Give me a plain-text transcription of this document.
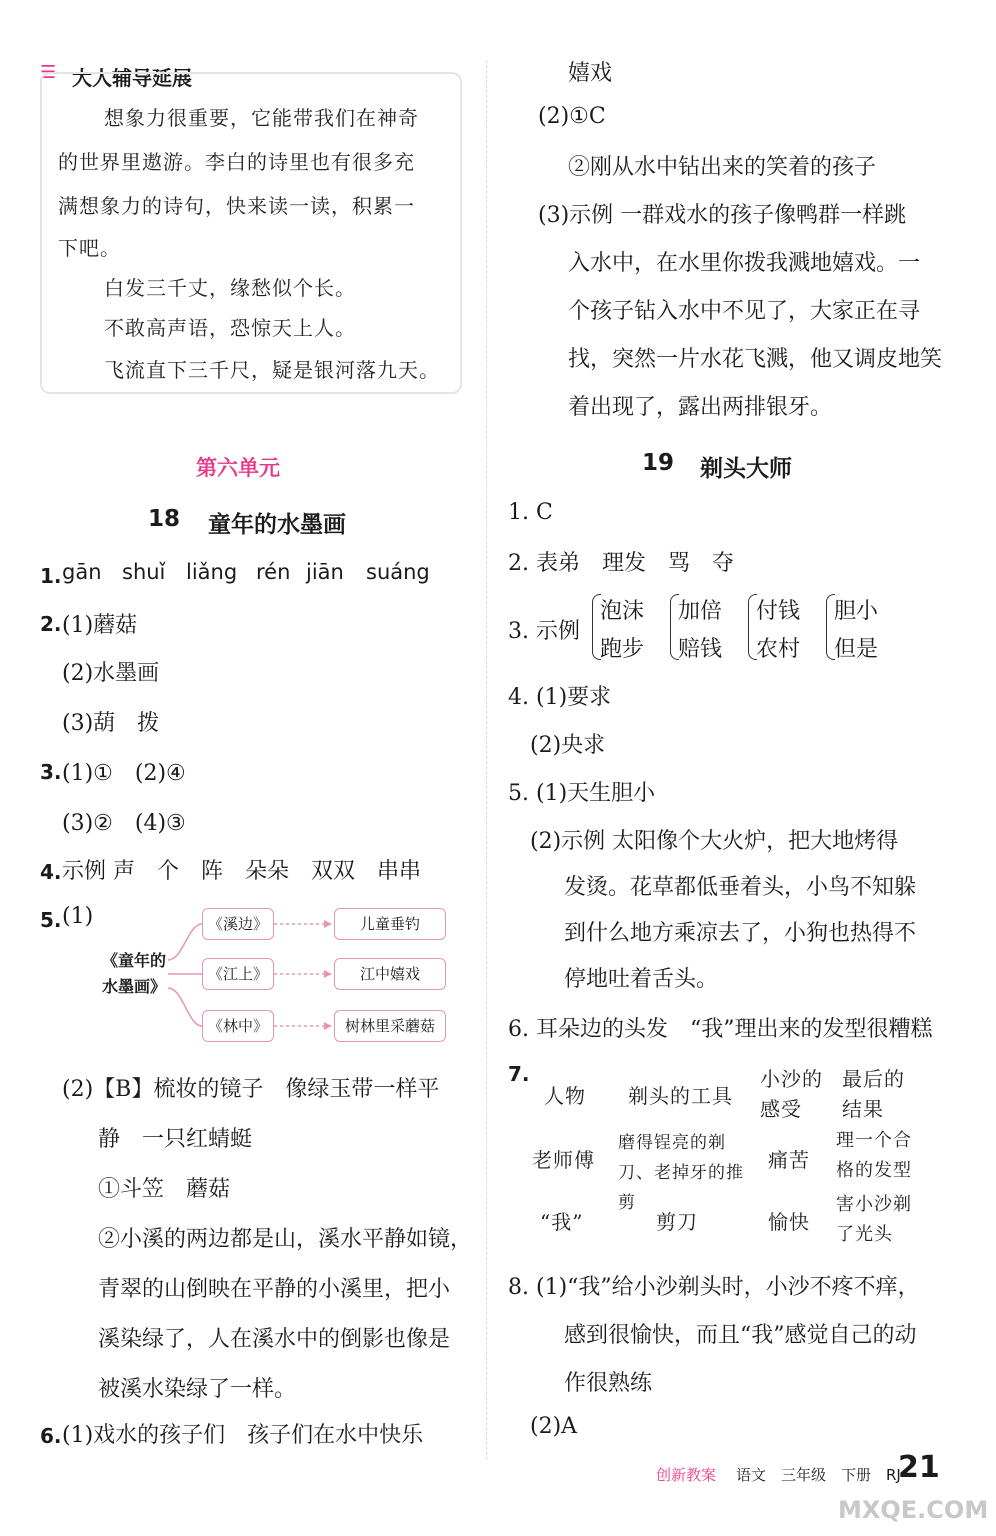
☰ 大人辅导延展
想象力很重要，它能带我们在神奇
的世界里遨游。李白的诗里也有很多充
满想象力的诗句，快来读一读，积累一
下吧。
白发三千丈，缘愁似个长。
不敢高声语，恐惊天上人。
飞流直下三千尺，疑是银河落九天。
第六单元
18 童年的水墨画
1. gān shuǐ liǎng rén jiān suáng
2. (1)蘑菇
(2)水墨画
(3)葫　拨
3. (1)①　(2)④
(3)②　(4)③
4. 示例 声　个　阵　朵朵　双双　串串
5. (1)
《童年的
水墨画》
《溪边》
《江上》
《林中》
儿童垂钓
江中嬉戏
树林里采蘑菇
(2)【B】梳妆的镜子　像绿玉带一样平
静　一只红蜻蜓
①斗笠　蘑菇
②小溪的两边都是山，溪水平静如镜，
青翠的山倒映在平静的小溪里，把小
溪染绿了，人在溪水中的倒影也像是
被溪水染绿了一样。
6. (1)戏水的孩子们　孩子们在水中快乐
嬉戏
(2)①C
②刚从水中钻出来的笑着的孩子
(3)示例 一群戏水的孩子像鸭群一样跳
入水中，在水里你拨我溅地嬉戏。一
个孩子钻入水中不见了，大家正在寻
找，突然一片水花飞溅，他又调皮地笑
着出现了，露出两排银牙。
19 剃头大师
1. C
2. 表弟　理发　骂　夺
3. 示例
泡沫
跑步
加倍
赔钱
付钱
农村
胆小
但是
4. (1)要求
(2)央求
5. (1)天生胆小
(2)示例 太阳像个大火炉，把大地烤得
发烫。花草都低垂着头，小鸟不知躲
到什么地方乘凉去了，小狗也热得不
停地吐着舌头。
6. 耳朵边的头发　“我”理出来的发型很糟糕
7.
人物 剃头的工具
小沙的感受
最后的结果
老师傅
磨得锃亮的剃刀、老掉牙的推剪
痛苦
理一个合格的发型
“我”	剪刀	愉快
害小沙剃了光头
8. (1)“我”给小沙剃头时，小沙不疼不痒，
感到很愉快，而且“我”感觉自己的动
作很熟练
(2)A
创新教案 语文　三年级　下册　RJ
21
MXQE.COM
